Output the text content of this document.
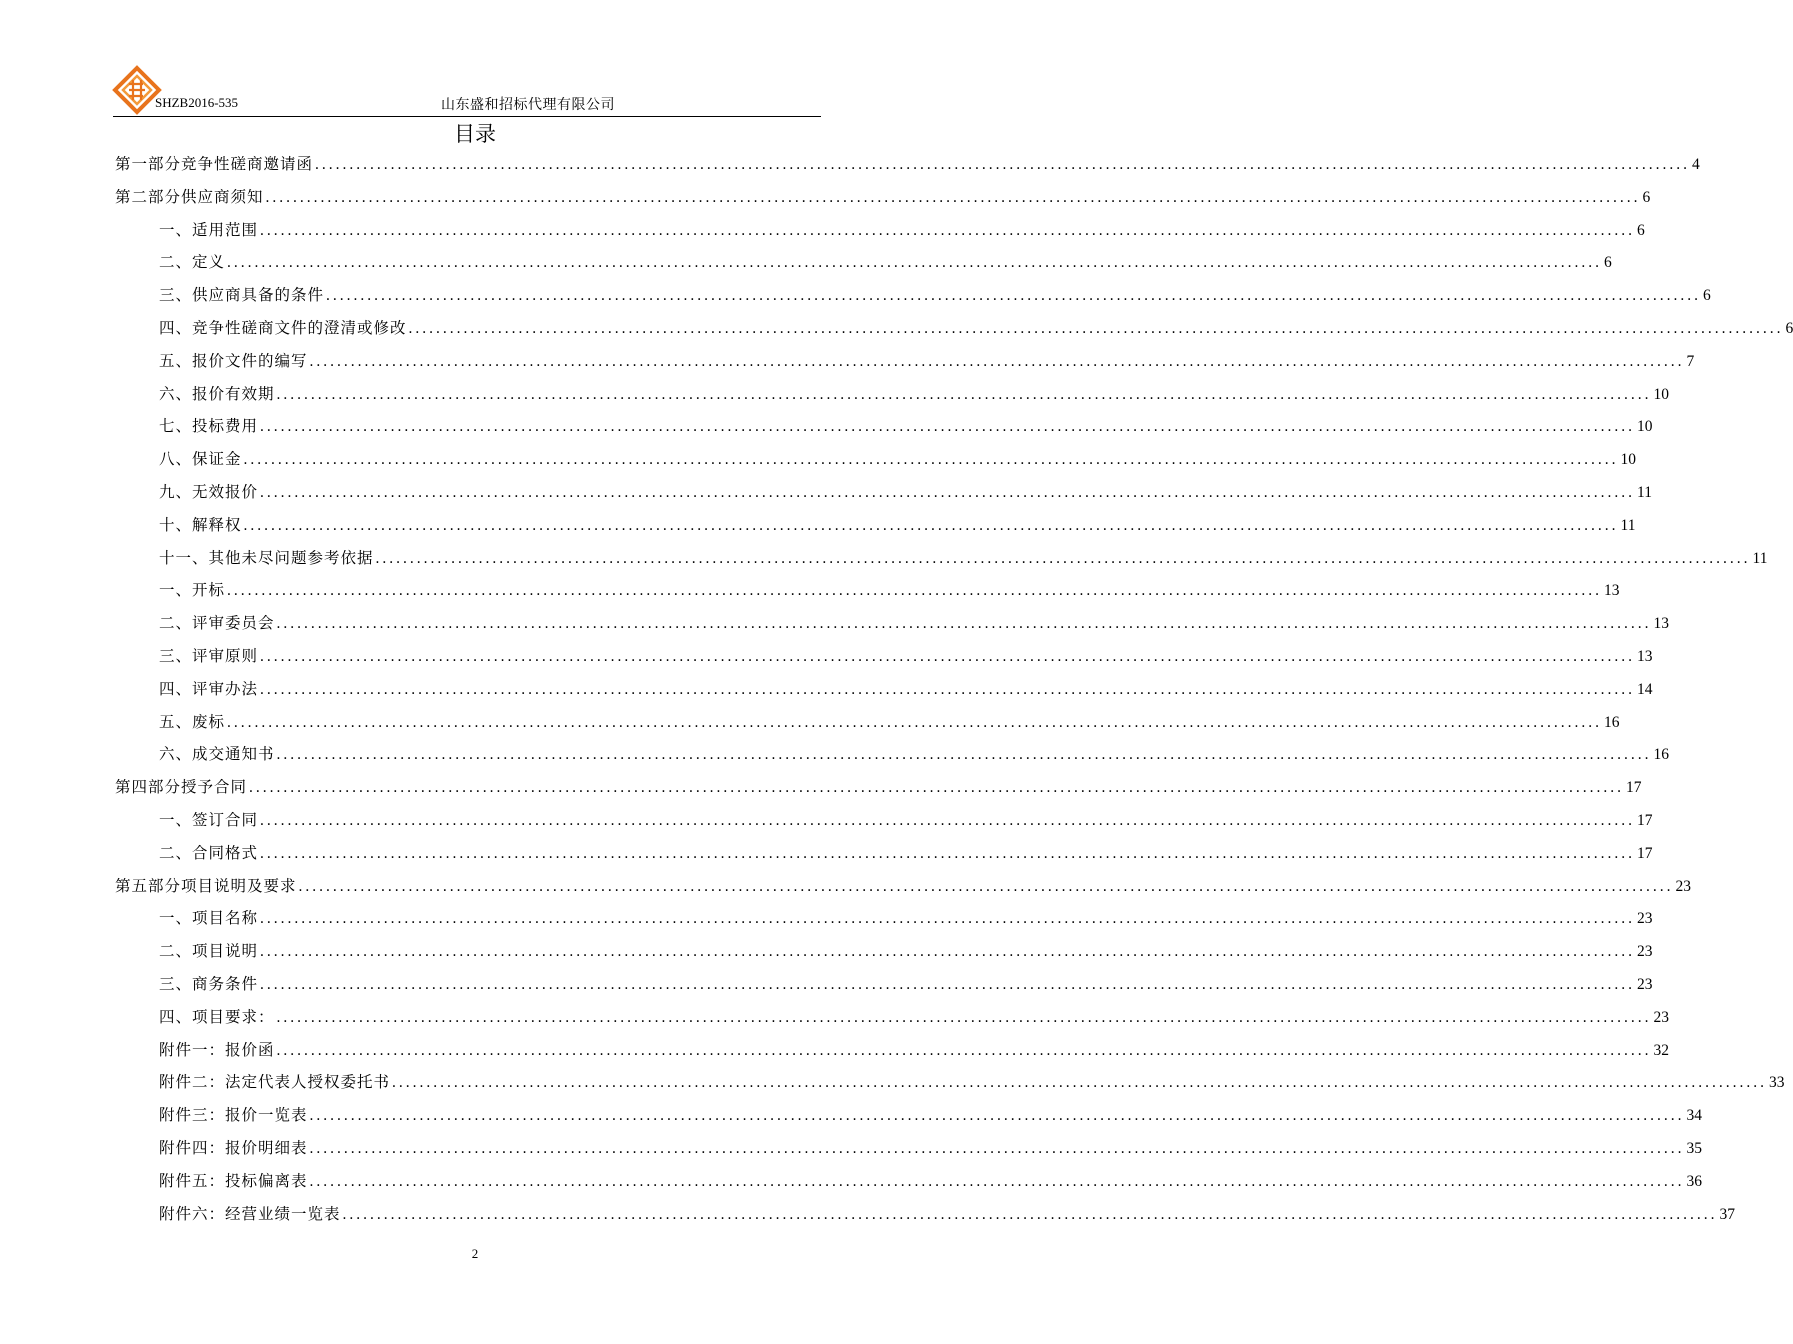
SHZB2016-535	山东盛和招标代理有限公司
目录
第一部分竞争性磋商邀请函 ........................................................................................................................................................................................................ 4
第二部分供应商须知 ........................................................................................................................................................................................................ 6
一、适用范围 ........................................................................................................................................................................................................ 6
二、定义 ........................................................................................................................................................................................................ 6
三、供应商具备的条件 ........................................................................................................................................................................................................ 6
四、竞争性磋商文件的澄清或修改 ........................................................................................................................................................................................................ 6
五、报价文件的编写 ........................................................................................................................................................................................................ 7
六、报价有效期 ........................................................................................................................................................................................................ 10
七、投标费用 ........................................................................................................................................................................................................ 10
八、保证金 ........................................................................................................................................................................................................ 10
九、无效报价 ........................................................................................................................................................................................................ 11
十、解释权 ........................................................................................................................................................................................................ 11
十一、其他未尽问题参考依据 ........................................................................................................................................................................................................ 11
一、开标 ........................................................................................................................................................................................................ 13
二、评审委员会 ........................................................................................................................................................................................................ 13
三、评审原则 ........................................................................................................................................................................................................ 13
四、评审办法 ........................................................................................................................................................................................................ 14
五、废标 ........................................................................................................................................................................................................ 16
六、成交通知书 ........................................................................................................................................................................................................ 16
第四部分授予合同 ........................................................................................................................................................................................................ 17
一、签订合同 ........................................................................................................................................................................................................ 17
二、合同格式 ........................................................................................................................................................................................................ 17
第五部分项目说明及要求 ........................................................................................................................................................................................................ 23
一、项目名称 ........................................................................................................................................................................................................ 23
二、项目说明 ........................................................................................................................................................................................................ 23
三、商务条件 ........................................................................................................................................................................................................ 23
四、项目要求： ........................................................................................................................................................................................................ 23
附件一：报价函 ........................................................................................................................................................................................................ 32
附件二：法定代表人授权委托书 ........................................................................................................................................................................................................ 33
附件三：报价一览表 ........................................................................................................................................................................................................ 34
附件四：报价明细表 ........................................................................................................................................................................................................ 35
附件五：投标偏离表 ........................................................................................................................................................................................................ 36
附件六：经营业绩一览表 ........................................................................................................................................................................................................ 37
2
